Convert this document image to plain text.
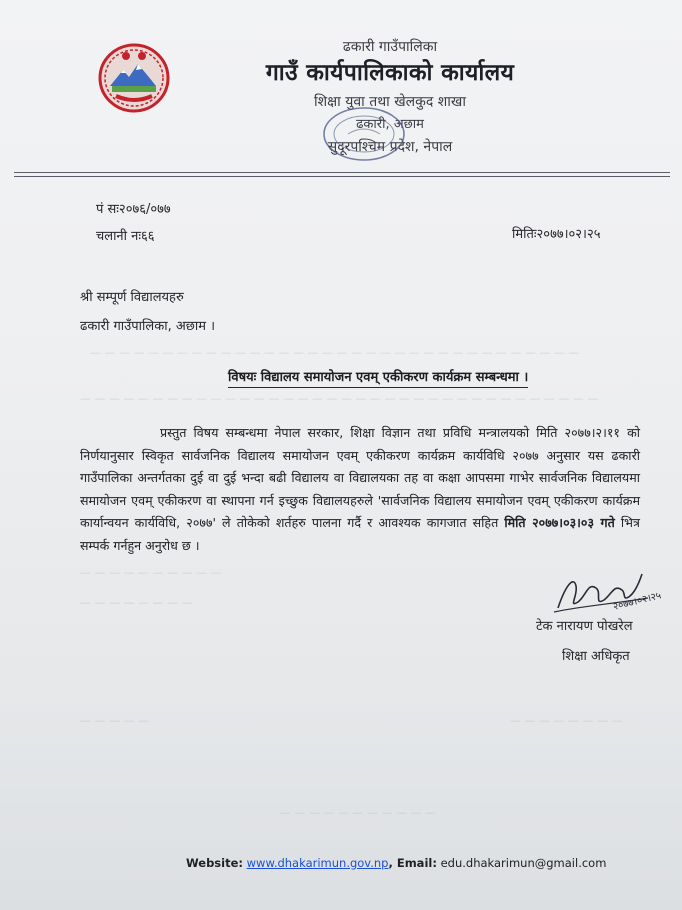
— — — — — — — — — — — — — — — — — — — — — — — — — — — — — — — — — —
— — — — — — — — — — — — — — — — — — — — — — — — — — — — — — — — — — — —
— — — — — — — — — —
— — — — — — — —
— — — — —	— — — — — — — —
— — — — — — — — — — —
ढकारी गाउँपालिका
गाउँ कार्यपालिकाको कार्यालय
शिक्षा युवा तथा खेलकुद शाखा
ढकारी, अछाम
सुदूरपश्चिम प्रदेश, नेपाल
पं सः२०७६/०७७
चलानी नः६६	मितिः२०७७।०२।२५
श्री सम्पूर्ण विद्यालयहरु
ढकारी गाउँपालिका, अछाम ।
विषयः विद्यालय समायोजन एवम् एकीकरण कार्यक्रम सम्बन्धमा ।
प्रस्तुत विषय सम्बन्धमा नेपाल सरकार, शिक्षा विज्ञान तथा प्रविधि मन्त्रालयको मिति २०७७।२।११ को निर्णयानुसार स्विकृत सार्वजनिक विद्यालय समायोजन एवम् एकीकरण कार्यक्रम कार्यविधि २०७७ अनुसार यस ढकारी गाउँपालिका अन्तर्गतका दुई वा दुई भन्दा बढी विद्यालय वा विद्यालयका तह वा कक्षा आपसमा गाभेर सार्वजनिक विद्यालयमा समायोजन एवम् एकीकरण वा स्थापना गर्न इच्छुक विद्यालयहरुले 'सार्वजनिक विद्यालय समायोजन एवम् एकीकरण कार्यक्रम कार्यान्वयन कार्यविधि, २०७७' ले तोकेको शर्तहरु पालना गर्दै र आवश्यक कागजात सहित मिति २०७७।०३।०३ गते भित्र सम्पर्क गर्नहुन अनुरोध छ ।
२०७७।०२।२५
टेक नारायण पोखरेल
शिक्षा अधिकृत
Website: www.dhakarimun.gov.np, Email: edu.dhakarimun@gmail.com
